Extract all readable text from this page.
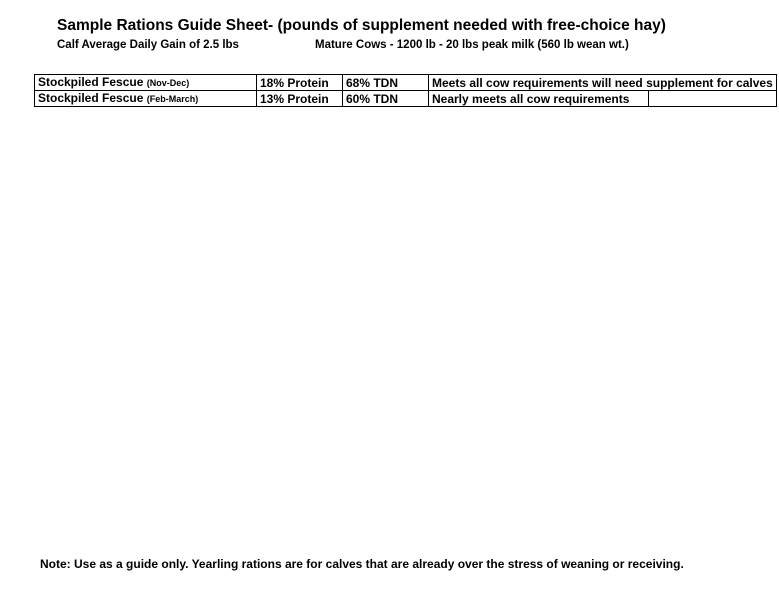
Sample Rations Guide Sheet- (pounds of supplement needed with free-choice hay)
Calf Average Daily Gain of 2.5 lbs	Mature Cows - 1200 lb - 20 lbs peak milk (560 lb wean wt.)
Stockpiled Fescue (Nov-Dec)	18% Protein	68% TDN	Meets all cow requirements will need supplement for calves	
Stockpiled Fescue (Feb-March)	13% Protein	60% TDN	Nearly meets all cow requirements	
Note: Use as a guide only. Yearling rations are for calves that are already over the stress of weaning or receiving.
